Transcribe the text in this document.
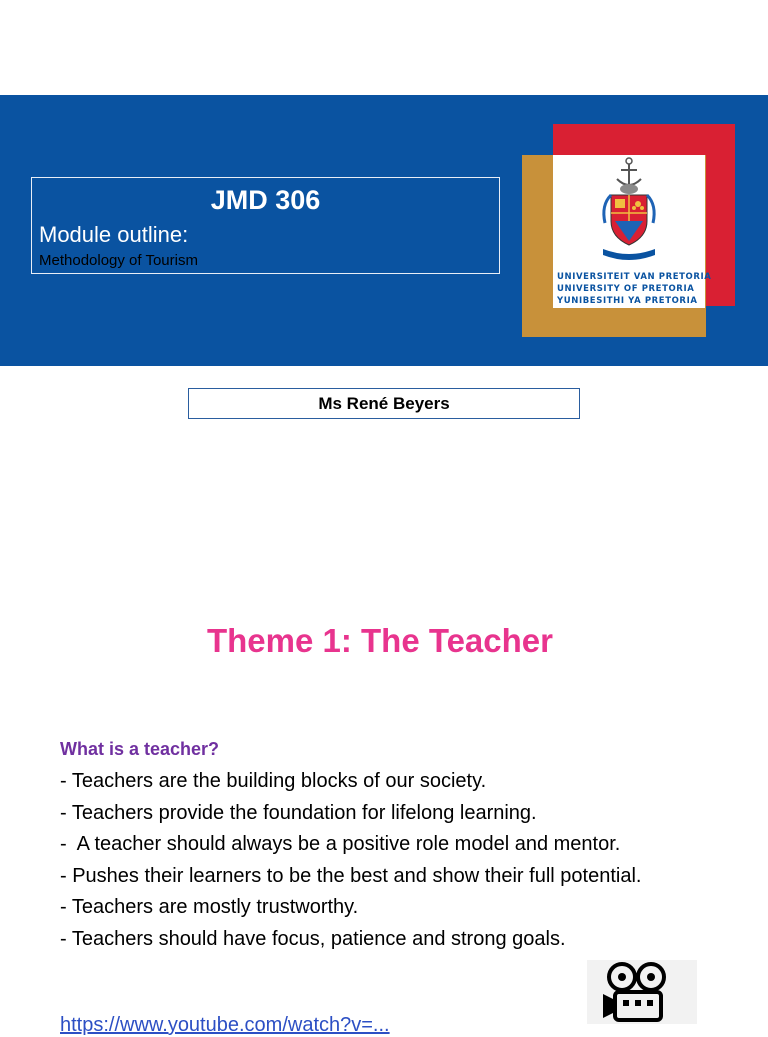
JMD 306
Module outline:
Methodology of Tourism
UNIVERSITEIT VAN PRETORIA
UNIVERSITY OF PRETORIA
YUNIBESITHI YA PRETORIA
Ms René Beyers
Theme 1: The Teacher
What is a teacher?
- Teachers are the building blocks of our society.
- Teachers provide the foundation for lifelong learning.
-  A teacher should always be a positive role model and mentor.
- Pushes their learners to be the best and show their full potential.
- Teachers are mostly trustworthy.
- Teachers should have focus, patience and strong goals.
https://www.youtube.com/watch?v=...
